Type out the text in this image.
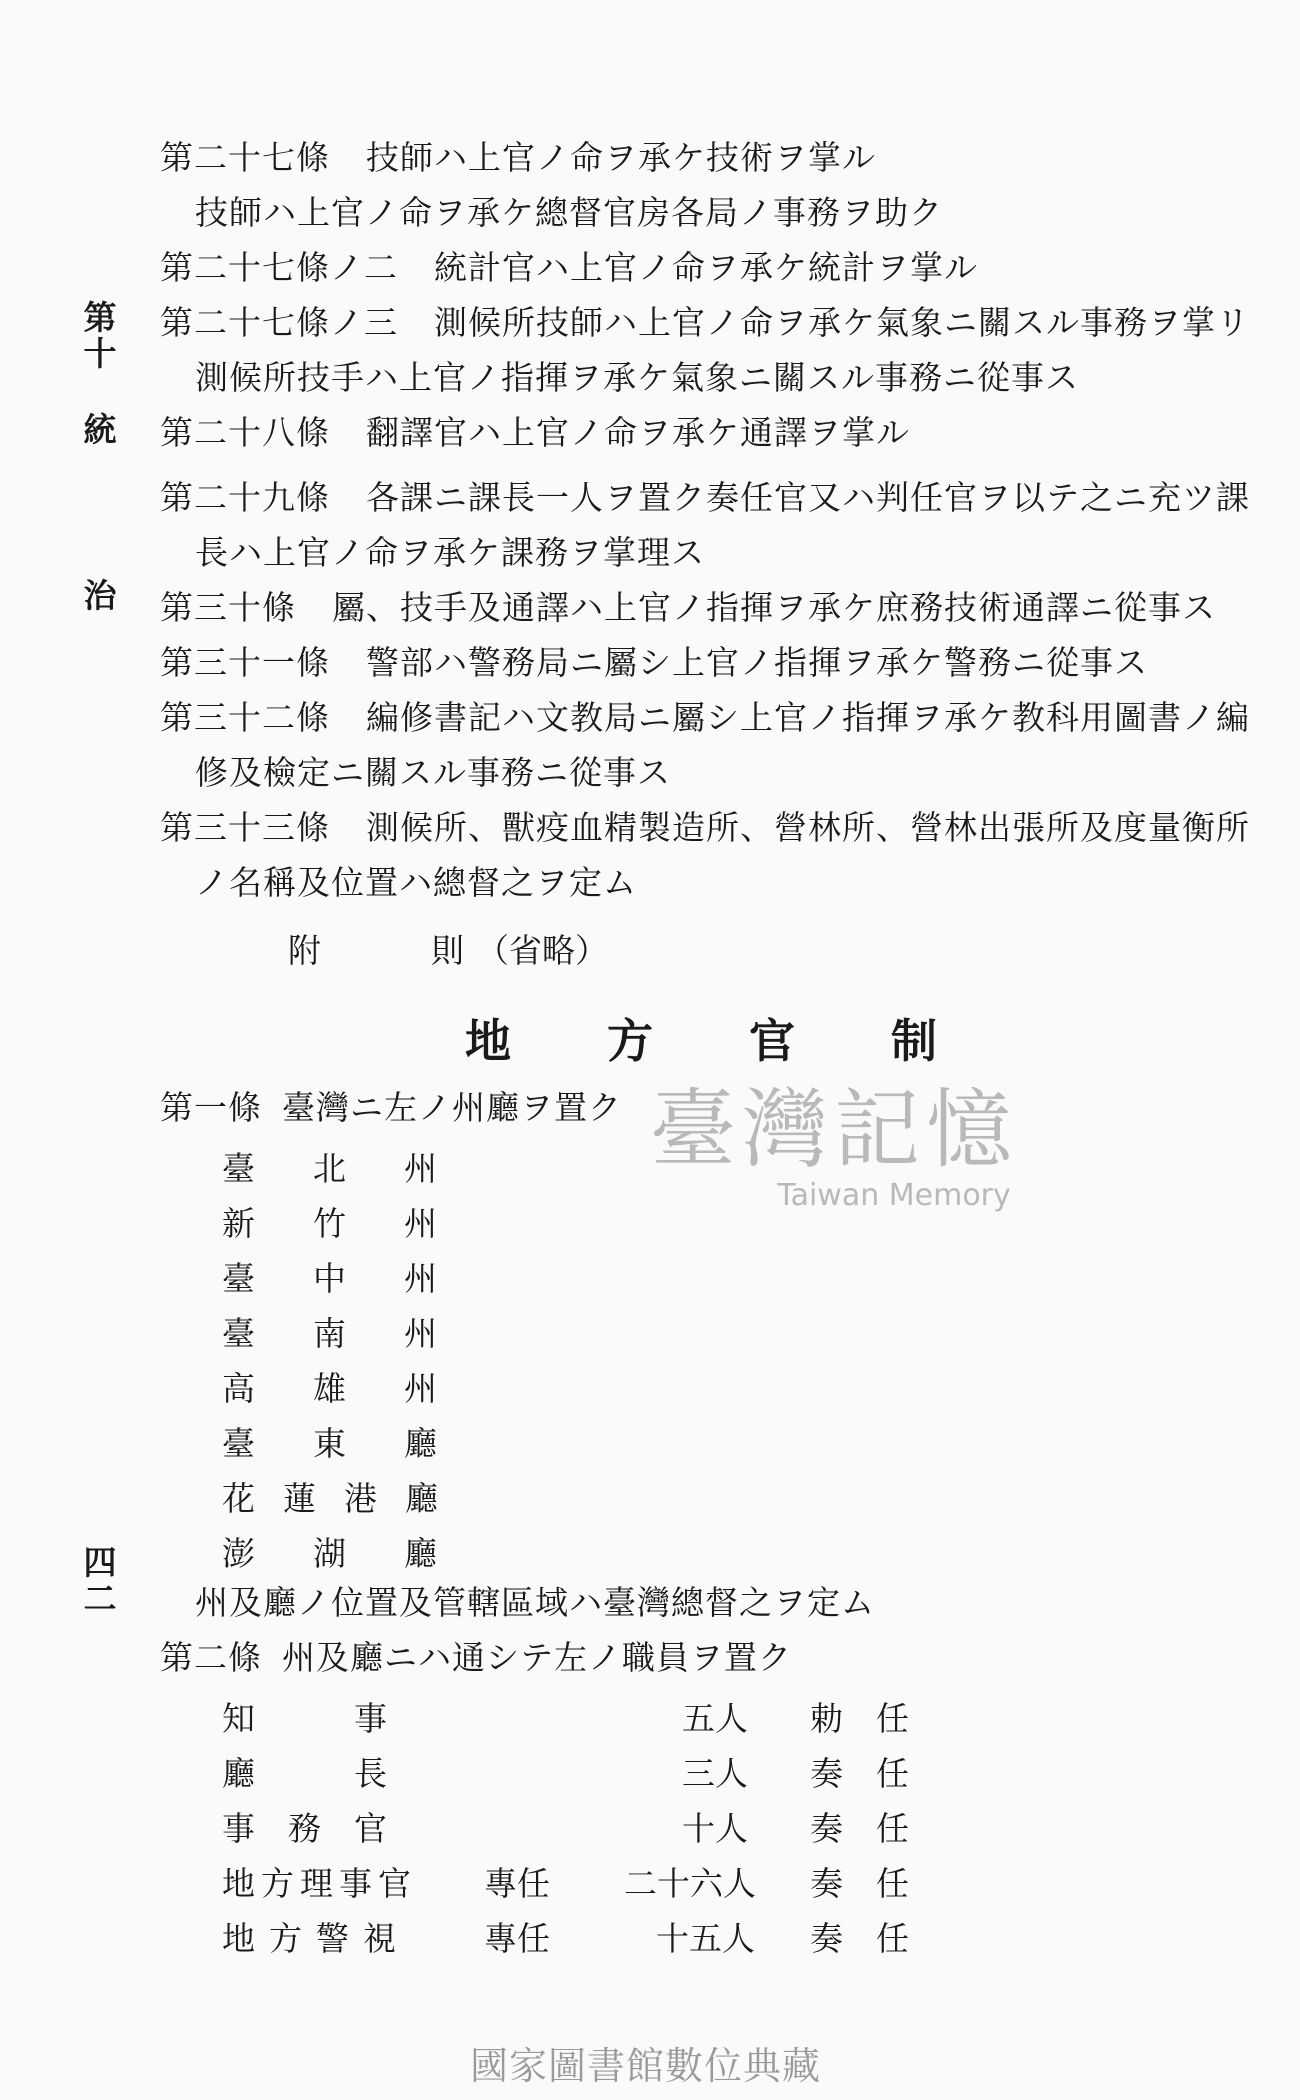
第
十
統
治
四
二
第二十七條 技師ハ上官ノ命ヲ承ケ技術ヲ掌ル
技師ハ上官ノ命ヲ承ケ總督官房各局ノ事務ヲ助ク
第二十七條ノ二 統計官ハ上官ノ命ヲ承ケ統計ヲ掌ル
第二十七條ノ三 測候所技師ハ上官ノ命ヲ承ケ氣象ニ關スル事務ヲ掌リ
測候所技手ハ上官ノ指揮ヲ承ケ氣象ニ關スル事務ニ從事ス
第二十八條 翻譯官ハ上官ノ命ヲ承ケ通譯ヲ掌ル
第二十九條 各課ニ課長一人ヲ置ク奏任官又ハ判任官ヲ以テ之ニ充ツ課
長ハ上官ノ命ヲ承ケ課務ヲ掌理ス
第三十條 屬、技手及通譯ハ上官ノ指揮ヲ承ケ庶務技術通譯ニ從事ス
第三十一條 警部ハ警務局ニ屬シ上官ノ指揮ヲ承ケ警務ニ從事ス
第三十二條 編修書記ハ文教局ニ屬シ上官ノ指揮ヲ承ケ教科用圖書ノ編
修及檢定ニ關スル事務ニ從事ス
第三十三條 測候所、獸疫血精製造所、營林所、營林出張所及度量衡所
ノ名稱及位置ハ總督之ヲ定ム
附	則 （省略）
地方官制
臺灣記憶
Taiwan Memory
第一條 臺灣ニ左ノ州廳ヲ置ク
臺北州
新竹州
臺中州
臺南州
高雄州
臺東廳
花蓮港廳
澎湖廳
州及廳ノ位置及管轄區域ハ臺灣總督之ヲ定ム
第二條 州及廳ニハ通シテ左ノ職員ヲ置ク
知　　　事	五人 勅　任
廳　　　長	三人 奏　任
事　務　官	十人 奏　任
地方理事官 專任 二十六人 奏　任
地方警視 專任	十五人 奏　任
國家圖書館數位典藏
